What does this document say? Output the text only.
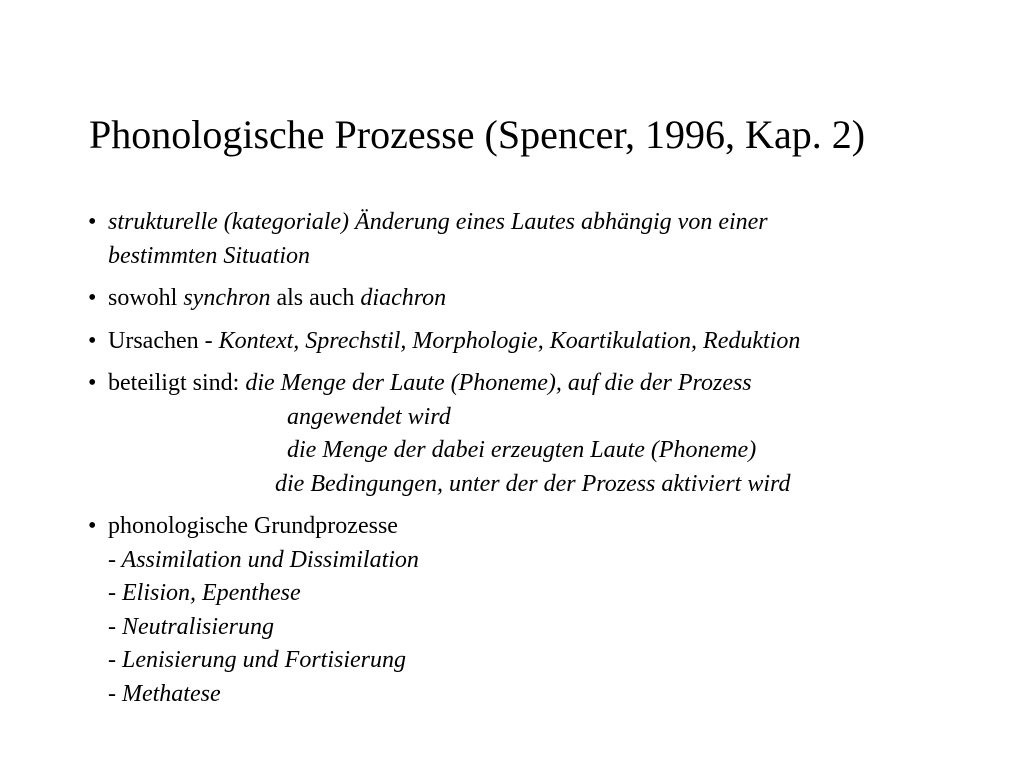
Phonologische Prozesse (Spencer, 1996, Kap. 2)
• strukturelle (kategoriale) Änderung eines Lautes abhängig von einer
bestimmten Situation
• sowohl synchron als auch diachron
• Ursachen - Kontext, Sprechstil, Morphologie, Koartikulation, Reduktion
• beteiligt sind: die Menge der Laute (Phoneme), auf die der Prozess
angewendet wird
die Menge der dabei erzeugten Laute (Phoneme)
die Bedingungen, unter der der Prozess aktiviert wird
• phonologische Grundprozesse
- Assimilation und Dissimilation
- Elision, Epenthese
- Neutralisierung
- Lenisierung und Fortisierung
- Methatese
